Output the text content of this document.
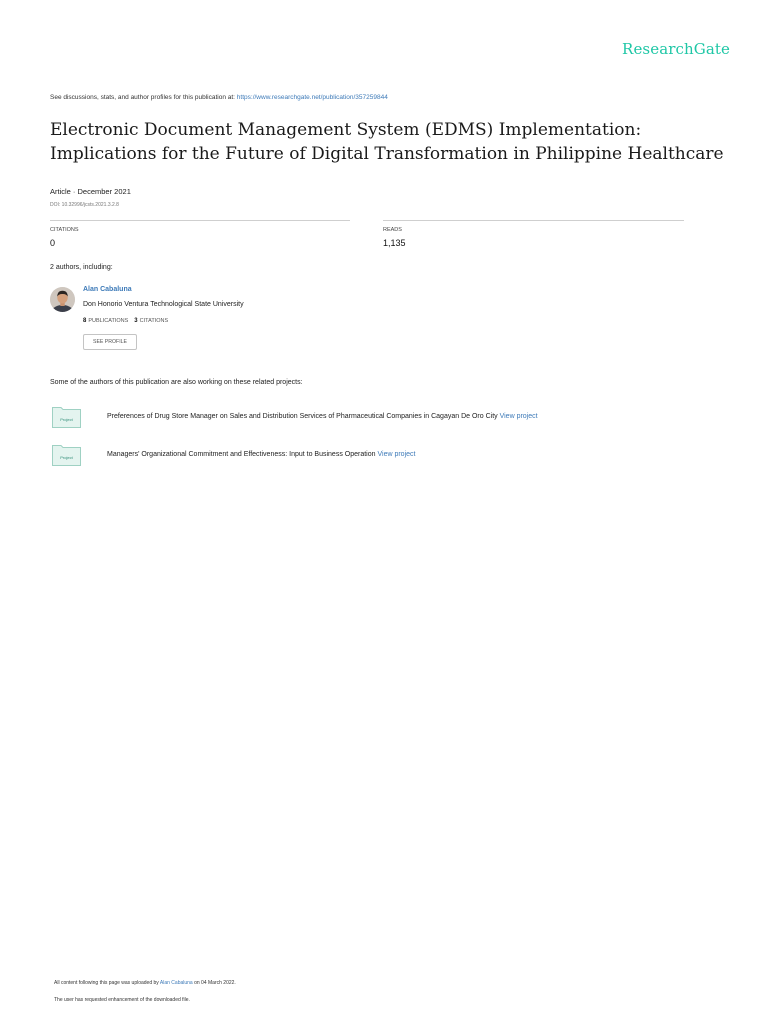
ResearchGate
See discussions, stats, and author profiles for this publication at: https://www.researchgate.net/publication/357259844
Electronic Document Management System (EDMS) Implementation:
Implications for the Future of Digital Transformation in Philippine Healthcare
Article · December 2021
DOI: 10.32996/jcsts.2021.3.2.8
CITATIONS
0
READS
1,135
2 authors, including:
Alan Cabaluna
Don Honorio Ventura Technological State University
8 PUBLICATIONS 3 CITATIONS
SEE PROFILE
Some of the authors of this publication are also working on these related projects:
Project	Preferences of Drug Store Manager on Sales and Distribution Services of Pharmaceutical Companies in Cagayan De Oro City View project
Project	Managers' Organizational Commitment and Effectiveness: Input to Business Operation View project
All content following this page was uploaded by Alan Cabaluna on 04 March 2022.
The user has requested enhancement of the downloaded file.
